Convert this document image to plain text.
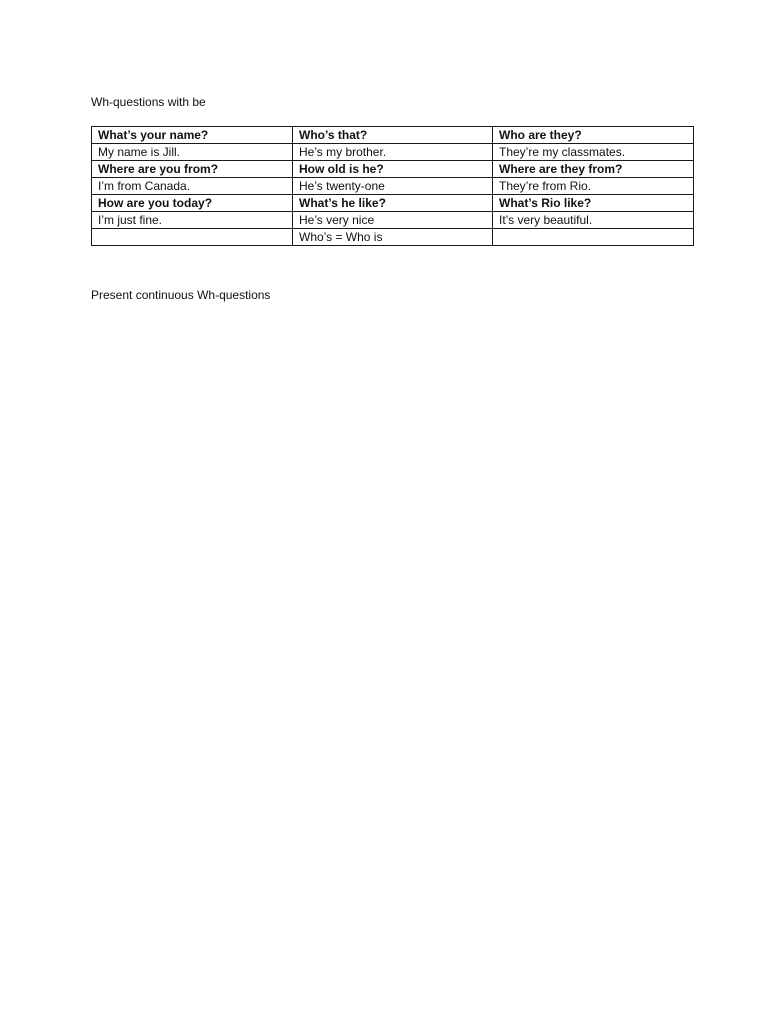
Wh-questions with be
What’s your name?	Who’s that?	Who are they?
My name is Jill.	He’s my brother.	They’re my classmates.
Where are you from?	How old is he?	Where are they from?
I’m from Canada.	He’s twenty-one	They’re from Rio.
How are you today?	What’s he like?	What’s Rio like?
I’m just fine.	He’s very nice	It’s very beautiful.
	Who’s = Who is	
Present continuous Wh-questions
